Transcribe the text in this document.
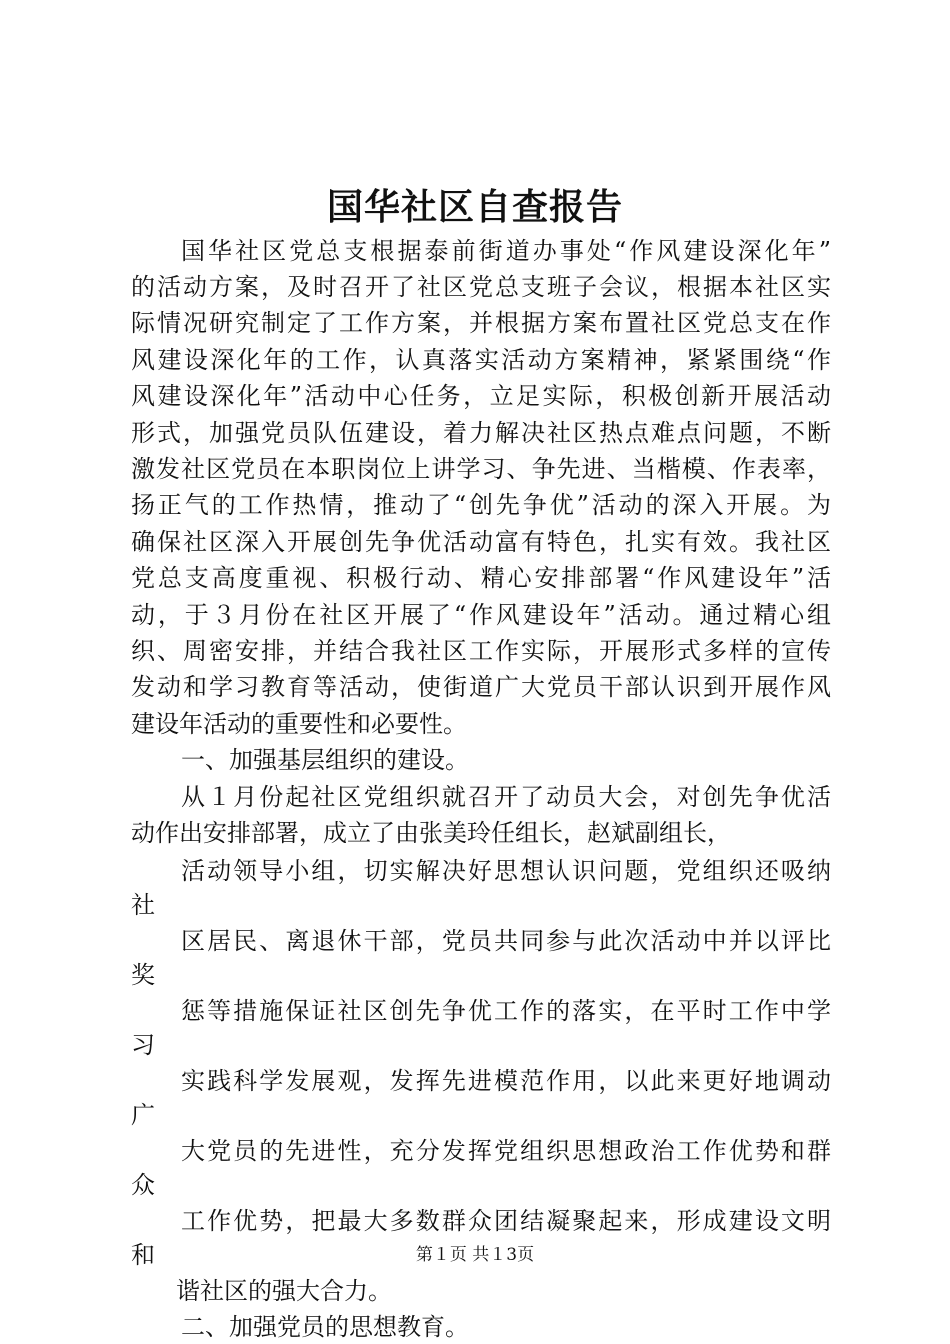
国华社区自查报告
国华社区党总支根据泰前街道办事处“作风建设深化年”
的活动方案，及时召开了社区党总支班子会议，根据本社区实
际情况研究制定了工作方案，并根据方案布置社区党总支在作
风建设深化年的工作，认真落实活动方案精神，紧紧围绕“作
风建设深化年”活动中心任务，立足实际，积极创新开展活动
形式，加强党员队伍建设，着力解决社区热点难点问题，不断
激发社区党员在本职岗位上讲学习、争先进、当楷模、作表率，
扬正气的工作热情，推动了“创先争优”活动的深入开展。为
确保社区深入开展创先争优活动富有特色，扎实有效。我社区
党总支高度重视、积极行动、精心安排部署“作风建设年”活
动，于３月份在社区开展了“作风建设年”活动。通过精心组
织、周密安排，并结合我社区工作实际，开展形式多样的宣传
发动和学习教育等活动，使街道广大党员干部认识到开展作风
建设年活动的重要性和必要性。
一、加强基层组织的建设。
从１月份起社区党组织就召开了动员大会，对创先争优活
动作出安排部署，成立了由张美玲任组长，赵斌副组长，
活动领导小组，切实解决好思想认识问题，党组织还吸纳
社
区居民、离退休干部，党员共同参与此次活动中并以评比
奖
惩等措施保证社区创先争优工作的落实，在平时工作中学
习
实践科学发展观，发挥先进模范作用，以此来更好地调动
广
大党员的先进性，充分发挥党组织思想政治工作优势和群
众
工作优势，把最大多数群众团结凝聚起来，形成建设文明
和
谐社区的强大合力。
二、加强党员的思想教育。
第１页 共１3页
